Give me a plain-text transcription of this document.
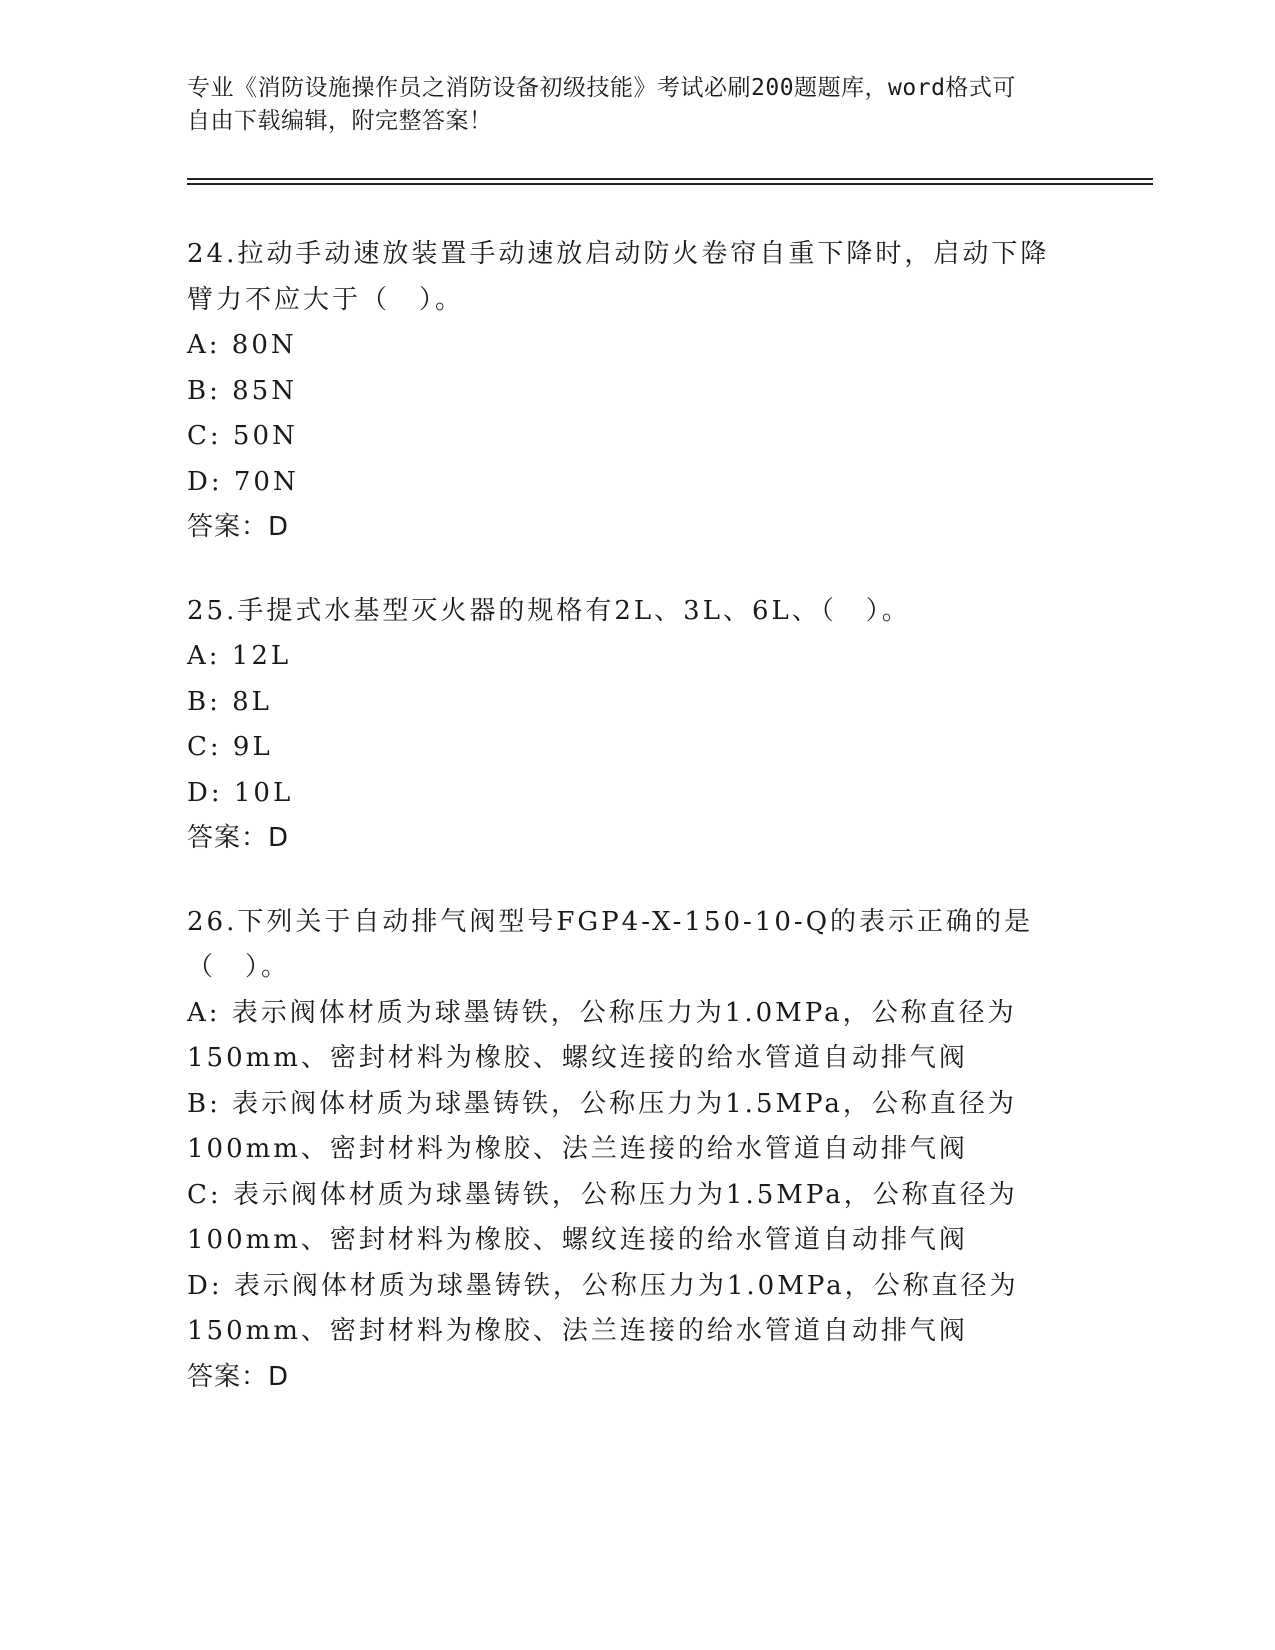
专业《消防设施操作员之消防设备初级技能》考试必刷200题题库，word格式可
自由下载编辑，附完整答案！
24.拉动手动速放装置手动速放启动防火卷帘自重下降时，启动下降臂力不应大于（　）。
A: 80N
B: 85N
C: 50N
D: 70N
答案：D
25.手提式水基型灭火器的规格有2L、3L、6L、（　）。
A: 12L
B: 8L
C: 9L
D: 10L
答案：D
26.下列关于自动排气阀型号FGP4-X-150-10-Q的表示正确的是（　）。
A: 表示阀体材质为球墨铸铁，公称压力为1.0MPa，公称直径为150mm、密封材料为橡胶、螺纹连接的给水管道自动排气阀
B: 表示阀体材质为球墨铸铁，公称压力为1.5MPa，公称直径为100mm、密封材料为橡胶、法兰连接的给水管道自动排气阀
C: 表示阀体材质为球墨铸铁，公称压力为1.5MPa，公称直径为100mm、密封材料为橡胶、螺纹连接的给水管道自动排气阀
D: 表示阀体材质为球墨铸铁，公称压力为1.0MPa，公称直径为150mm、密封材料为橡胶、法兰连接的给水管道自动排气阀
答案：D
